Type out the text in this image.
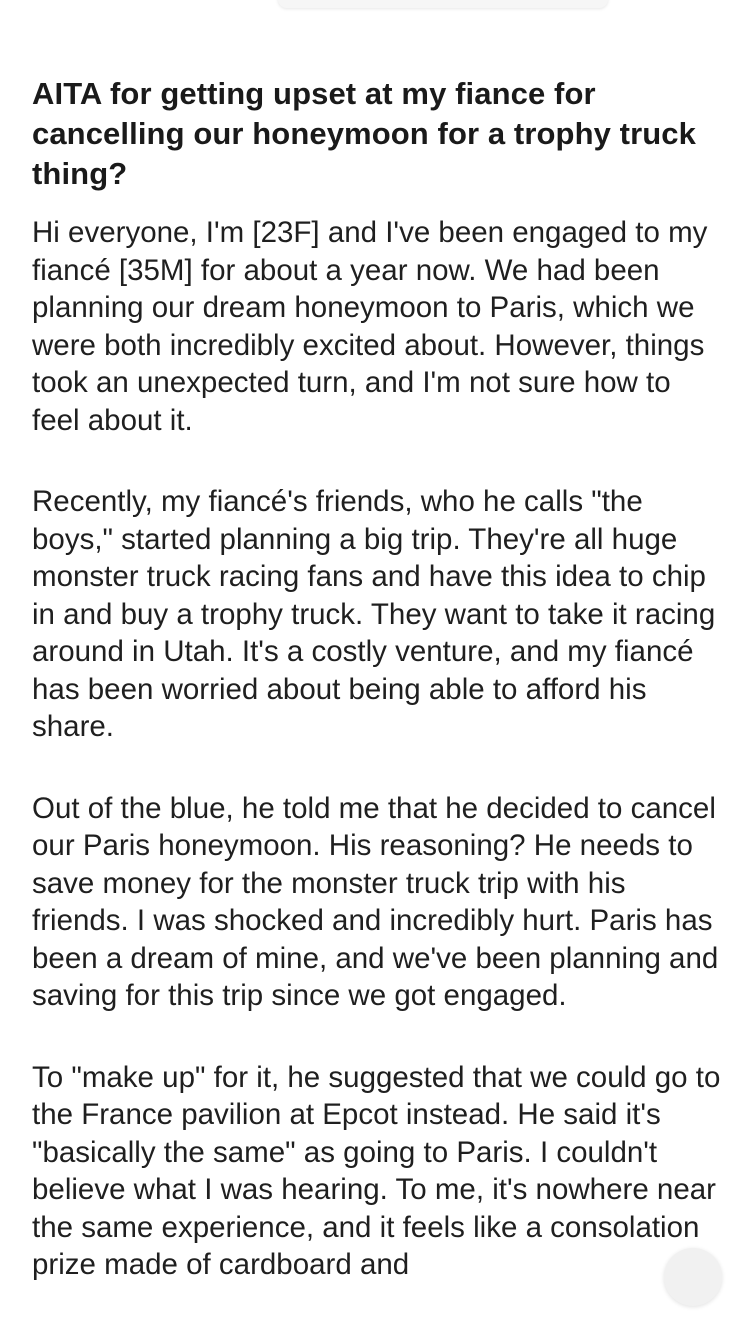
AITA for getting upset at my fiance for cancelling our honeymoon for a trophy truck thing?

Hi everyone, I'm [23F] and I've been engaged to my fiancé [35M] for about a year now. We had been planning our dream honeymoon to Paris, which we were both incredibly excited about. However, things took an unexpected turn, and I'm not sure how to feel about it.

Recently, my fiancé's friends, who he calls "the boys," started planning a big trip. They're all huge monster truck racing fans and have this idea to chip in and buy a trophy truck. They want to take it racing around in Utah. It's a costly venture, and my fiancé has been worried about being able to afford his share.

Out of the blue, he told me that he decided to cancel our Paris honeymoon. His reasoning? He needs to save money for the monster truck trip with his friends. I was shocked and incredibly hurt. Paris has been a dream of mine, and we've been planning and saving for this trip since we got engaged.

To "make up" for it, he suggested that we could go to the France pavilion at Epcot instead. He said it's "basically the same" as going to Paris. I couldn't believe what I was hearing. To me, it's nowhere near the same experience, and it feels like a consolation prize made of cardboard and
